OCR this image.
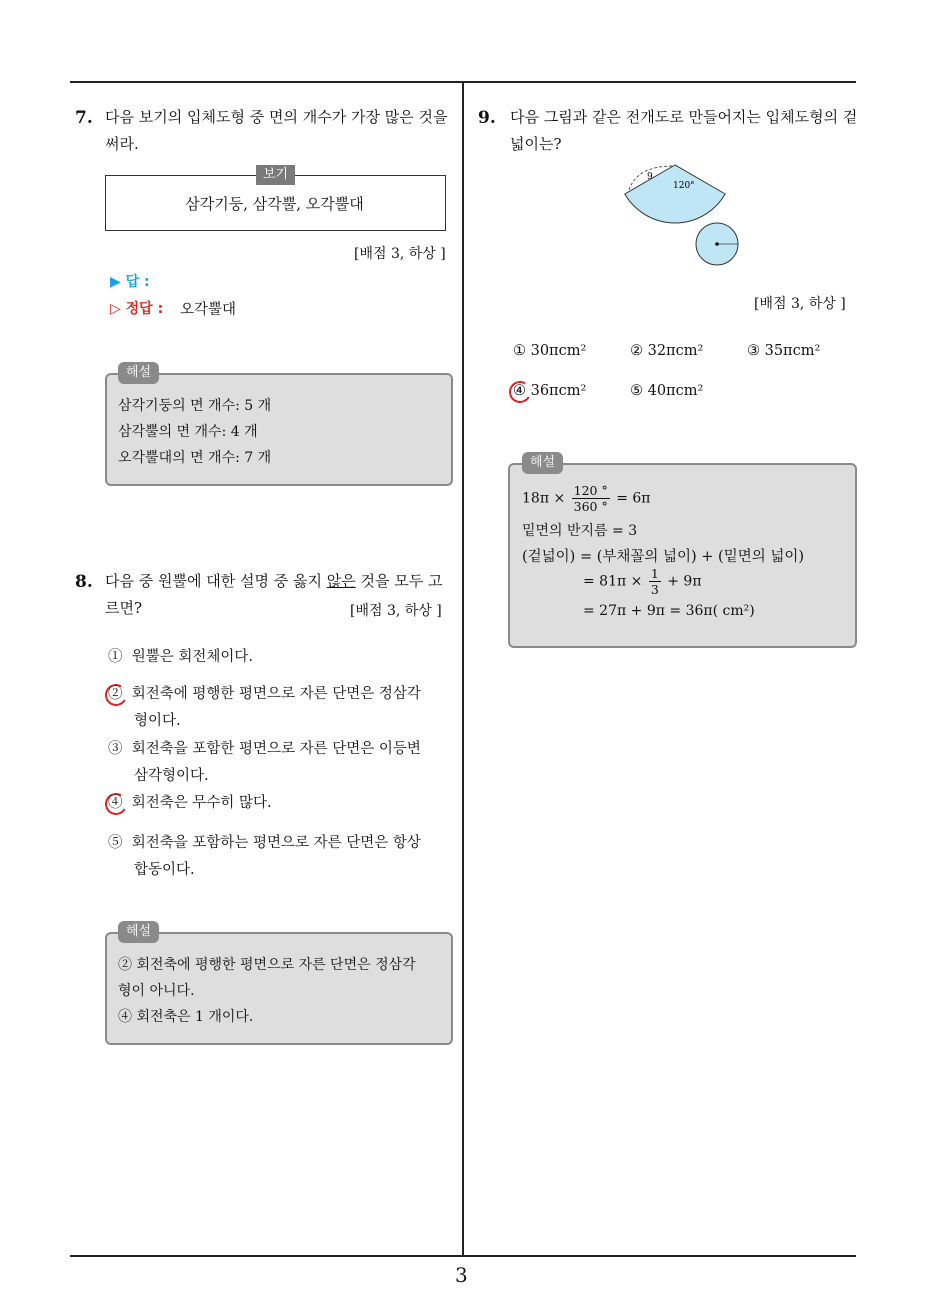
3
7. 다음 보기의 입체도형 중 면의 개수가 가장 많은 것을
써라.
보기
삼각기둥, 삼각뿔, 오각뿔대
[배점 3, 하상 ]
▶ 답 :
▷ 정답 : 오각뿔대
해설
삼각기둥의 면 개수: 5 개
삼각뿔의 면 개수: 4 개
오각뿔대의 면 개수: 7 개
8. 다음 중 원뿔에 대한 설명 중 옳지 않은 것을 모두 고
르면?	[배점 3, 하상 ]
① 원뿔은 회전체이다.
② 회전축에 평행한 평면으로 자른 단면은 정삼각
형이다.
③ 회전축을 포함한 평면으로 자른 단면은 이등변
삼각형이다.
④ 회전축은 무수히 많다.
⑤ 회전축을 포함하는 평면으로 자른 단면은 항상
합동이다.
해설
② 회전축에 평행한 평면으로 자른 단면은 정삼각
형이 아니다.
④ 회전축은 1 개이다.
9. 다음 그림과 같은 전개도로 만들어지는 입체도형의 겉
넓이는?
9
120°
[배점 3, 하상 ]
① 30πcm²	② 32πcm²	③ 35πcm²
④ 36πcm²	⑤ 40πcm²
해설
$18\pi \times \frac{120 ^\circ}{360 ^\circ} = 6\pi$
밑면의 반지름 = 3
(겉넓이) = (부채꼴의 넓이) + (밑면의 넓이)
= $81\pi \times \frac{1}{3} + 9\pi$
= 27π + 9π = 36π( cm²)
